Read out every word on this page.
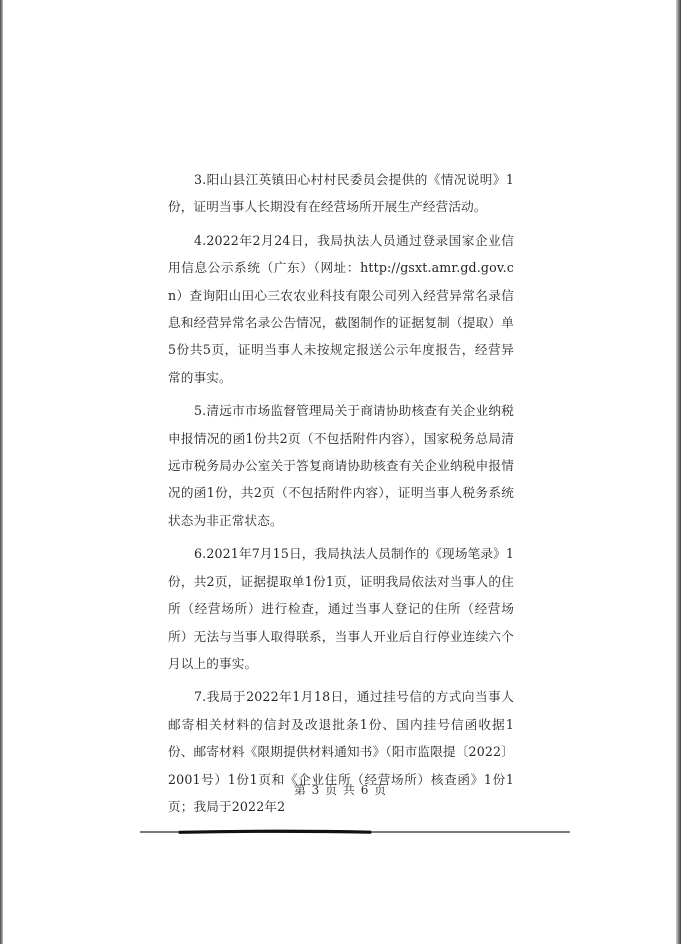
3.阳山县江英镇田心村村民委员会提供的《情况说明》1份，证明当事人长期没有在经营场所开展生产经营活动。

4.2022年2月24日，我局执法人员通过登录国家企业信用信息公示系统（广东）（网址：http://gsxt.amr.gd.gov.cn）查询阳山田心三农农业科技有限公司列入经营异常名录信息和经营异常名录公告情况，截图制作的证据复制（提取）单5份共5页，证明当事人未按规定报送公示年度报告，经营异常的事实。

5.清远市市场监督管理局关于商请协助核查有关企业纳税申报情况的函1份共2页（不包括附件内容），国家税务总局清远市税务局办公室关于答复商请协助核查有关企业纳税申报情况的函1份，共2页（不包括附件内容），证明当事人税务系统状态为非正常状态。

6.2021年7月15日，我局执法人员制作的《现场笔录》1份，共2页，证据提取单1份1页，证明我局依法对当事人的住所（经营场所）进行检查，通过当事人登记的住所（经营场所）无法与当事人取得联系，当事人开业后自行停业连续六个月以上的事实。

7.我局于2022年1月18日，通过挂号信的方式向当事人邮寄相关材料的信封及改退批条1份、国内挂号信函收据1份、邮寄材料《限期提供材料通知书》（阳市监限提〔2022〕2001号）1份1页和《企业住所（经营场所）核查函》1份1页；我局于2022年2

第 3 页 共 6 页
